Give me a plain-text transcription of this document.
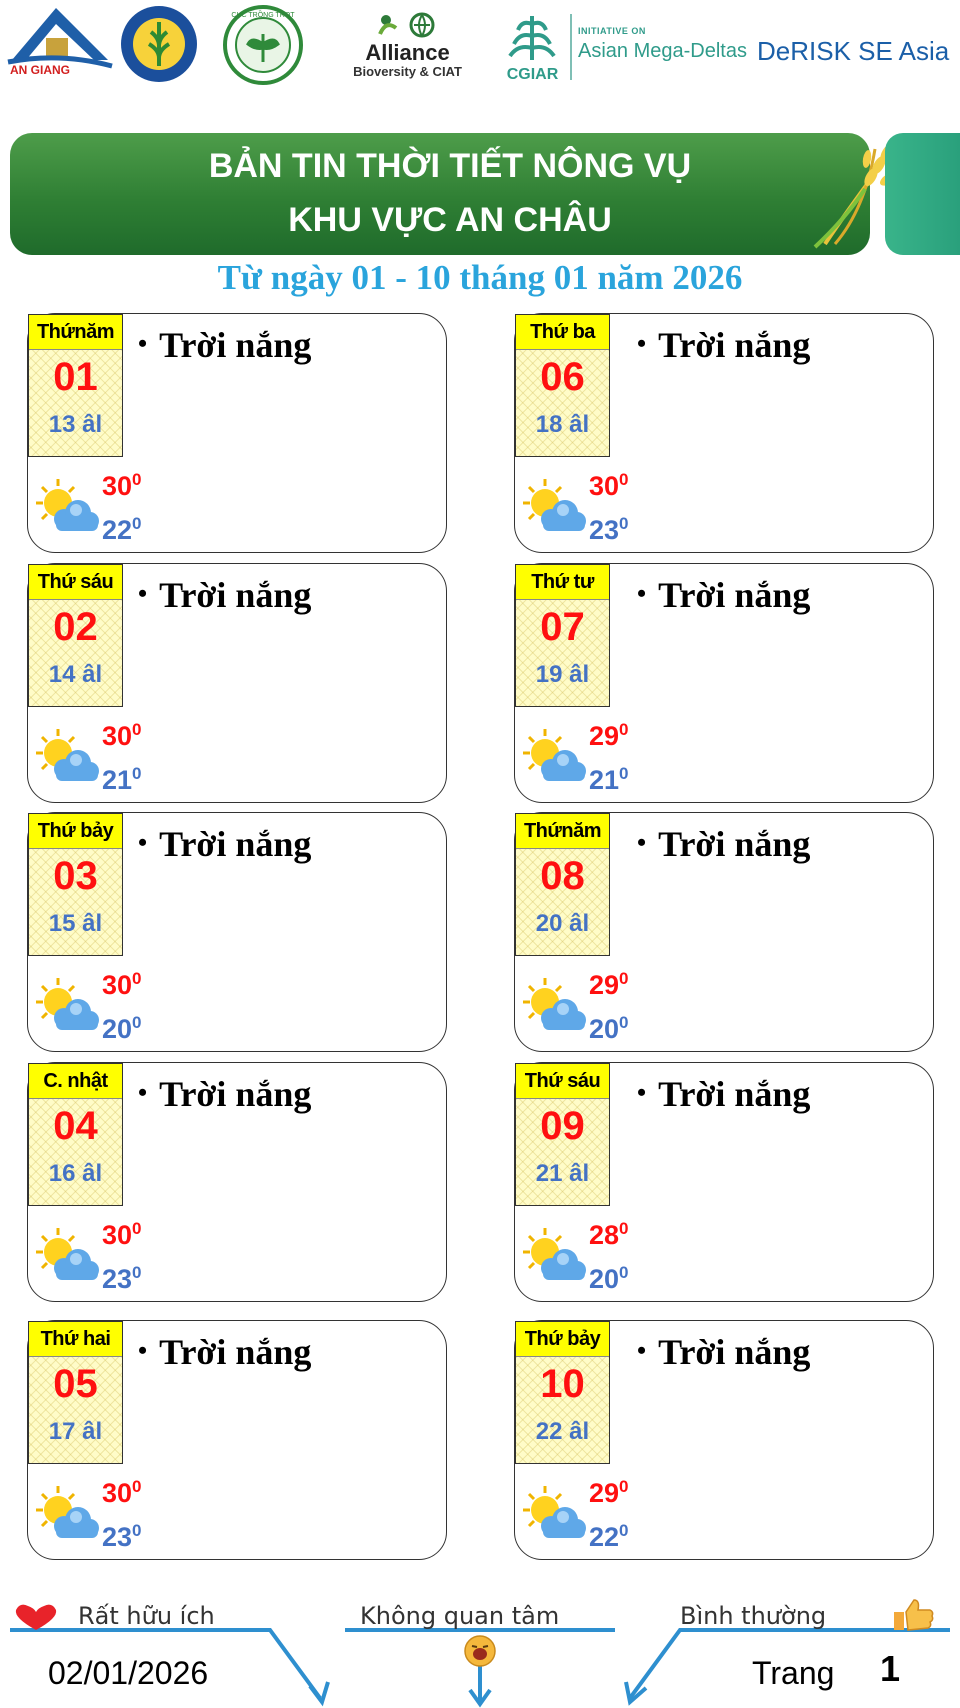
AN GIANG
CỤC TRỒNG TRỌT
Alliance
Bioversity & CIAT	CGIAR
INITIATIVE ON
Asian Mega-Deltas DeRISK SE Asia
BẢN TIN THỜI TIẾT NÔNG VỤ
KHU VỰC AN CHÂU
Từ ngày 01 - 10 tháng 01 năm 2026
Thứnăm
01
13 âl
• Trời nắng
$30^0$
$22^0$
Thứ sáu
02
14 âl
• Trời nắng
$30^0$
$21^0$
Thứ bảy
03
15 âl
• Trời nắng
$30^0$
$20^0$
C. nhật
04
16 âl
• Trời nắng
$30^0$
$23^0$
Thứ hai
05
17 âl
• Trời nắng
$30^0$
$23^0$
Thứ ba
06
18 âl
• Trời nắng
$30^0$
$23^0$
Thứ tư
07
19 âl
• Trời nắng
$29^0$
$21^0$
Thứnăm
08
20 âl
• Trời nắng
$29^0$
$20^0$
Thứ sáu
09
21 âl
• Trời nắng
$28^0$
$20^0$
Thứ bảy
10
22 âl
• Trời nắng
$29^0$
$22^0$
Rất hữu ích	Không quan tâm	Bình thường
02/01/2026	Trang 1
